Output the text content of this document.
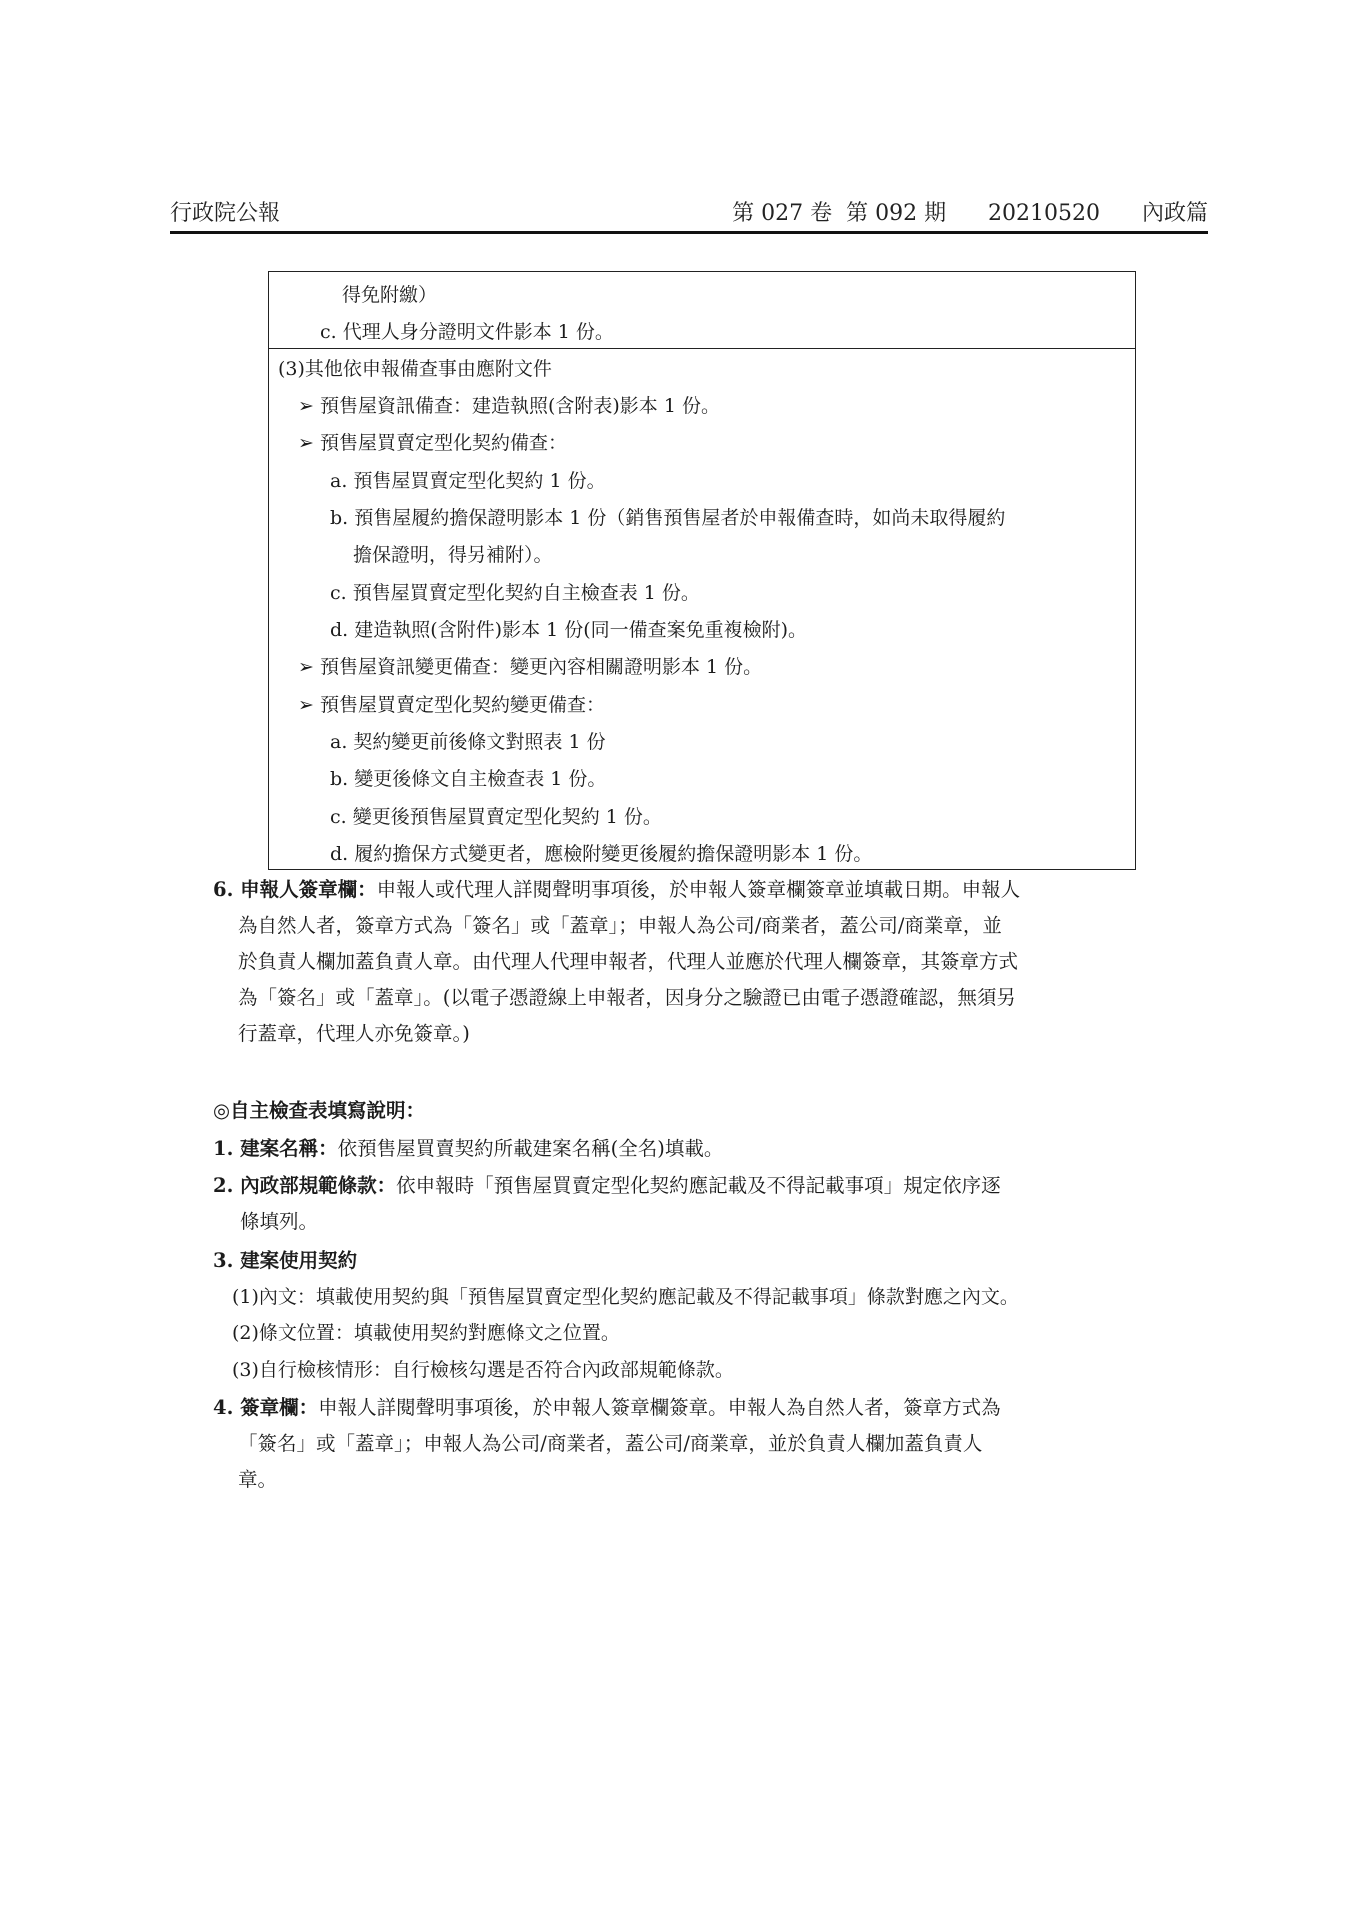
行政院公報	第 027 卷  第 092 期      20210520      內政篇
得免附繳）
c. 代理人身分證明文件影本 1 份。
(3)其他依申報備查事由應附文件
➢ 預售屋資訊備查：建造執照(含附表)影本 1 份。
➢ 預售屋買賣定型化契約備查：
a. 預售屋買賣定型化契約 1 份。
b. 預售屋履約擔保證明影本 1 份（銷售預售屋者於申報備查時，如尚未取得履約
擔保證明，得另補附）。
c. 預售屋買賣定型化契約自主檢查表 1 份。
d. 建造執照(含附件)影本 1 份(同一備查案免重複檢附)。
➢ 預售屋資訊變更備查：變更內容相關證明影本 1 份。
➢ 預售屋買賣定型化契約變更備查：
a. 契約變更前後條文對照表 1 份
b. 變更後條文自主檢查表 1 份。
c. 變更後預售屋買賣定型化契約 1 份。
d. 履約擔保方式變更者，應檢附變更後履約擔保證明影本 1 份。
6. 申報人簽章欄：申報人或代理人詳閱聲明事項後，於申報人簽章欄簽章並填載日期。申報人
為自然人者，簽章方式為「簽名」或「蓋章」；申報人為公司/商業者，蓋公司/商業章，並
於負責人欄加蓋負責人章。由代理人代理申報者，代理人並應於代理人欄簽章，其簽章方式
為「簽名」或「蓋章」。(以電子憑證線上申報者，因身分之驗證已由電子憑證確認，無須另
行蓋章，代理人亦免簽章。)
◎自主檢查表填寫說明：
1. 建案名稱：依預售屋買賣契約所載建案名稱(全名)填載。
2. 內政部規範條款：依申報時「預售屋買賣定型化契約應記載及不得記載事項」規定依序逐
條填列。
3. 建案使用契約
(1)內文：填載使用契約與「預售屋買賣定型化契約應記載及不得記載事項」條款對應之內文。
(2)條文位置：填載使用契約對應條文之位置。
(3)自行檢核情形：自行檢核勾選是否符合內政部規範條款。
4. 簽章欄：申報人詳閱聲明事項後，於申報人簽章欄簽章。申報人為自然人者，簽章方式為
「簽名」或「蓋章」；申報人為公司/商業者，蓋公司/商業章，並於負責人欄加蓋負責人
章。
